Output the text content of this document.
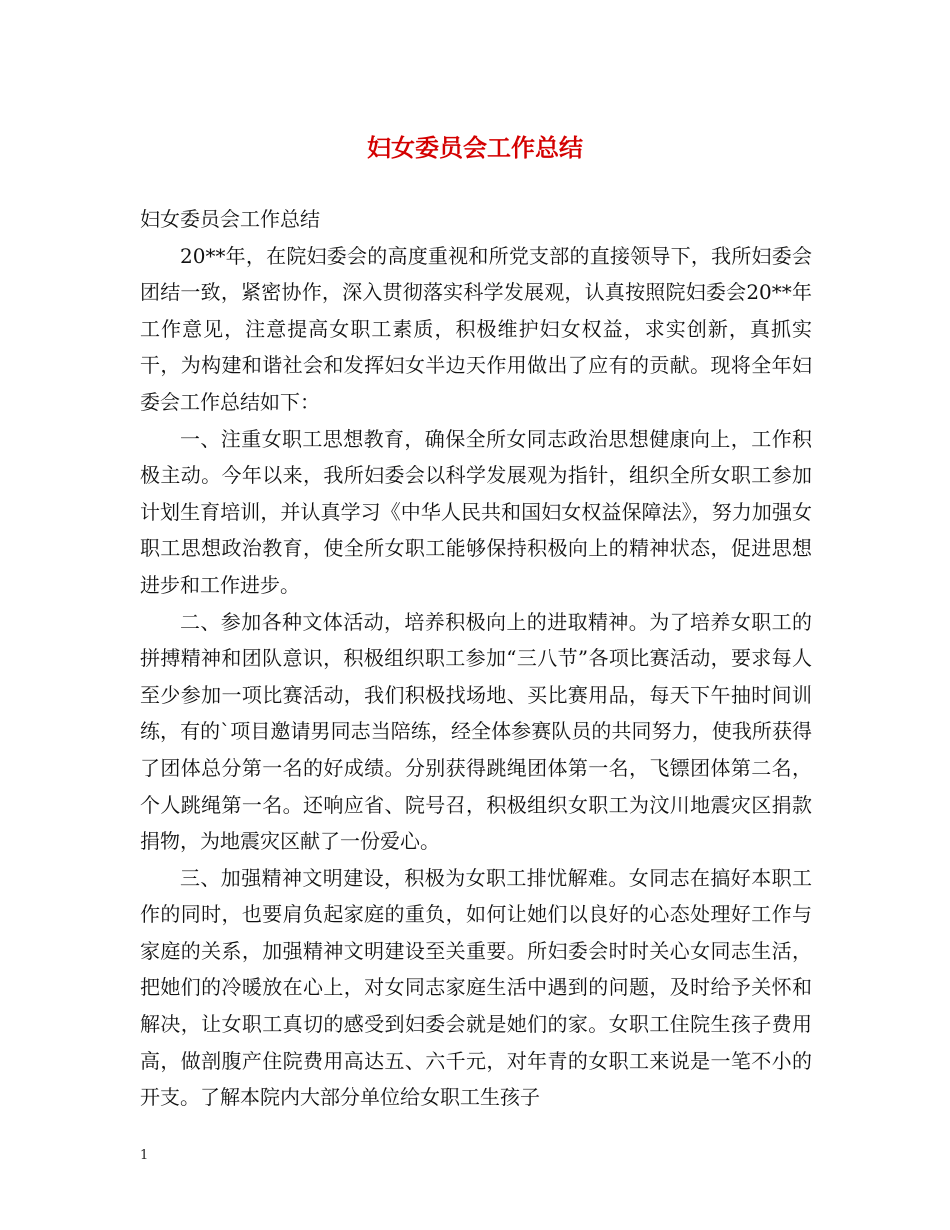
妇女委员会工作总结

妇女委员会工作总结

20**年，在院妇委会的高度重视和所党支部的直接领导下，我所妇委会团结一致，紧密协作，深入贯彻落实科学发展观，认真按照院妇委会20**年工作意见，注意提高女职工素质，积极维护妇女权益，求实创新，真抓实干，为构建和谐社会和发挥妇女半边天作用做出了应有的贡献。现将全年妇委会工作总结如下：

一、注重女职工思想教育，确保全所女同志政治思想健康向上，工作积极主动。今年以来，我所妇委会以科学发展观为指针，组织全所女职工参加计划生育培训，并认真学习《中华人民共和国妇女权益保障法》，努力加强女职工思想政治教育，使全所女职工能够保持积极向上的精神状态，促进思想进步和工作进步。

二、参加各种文体活动，培养积极向上的进取精神。为了培养女职工的拼搏精神和团队意识，积极组织职工参加“三八节”各项比赛活动，要求每人至少参加一项比赛活动，我们积极找场地、买比赛用品，每天下午抽时间训练，有的`项目邀请男同志当陪练，经全体参赛队员的共同努力，使我所获得了团体总分第一名的好成绩。分别获得跳绳团体第一名，飞镖团体第二名，个人跳绳第一名。还响应省、院号召，积极组织女职工为汶川地震灾区捐款捐物，为地震灾区献了一份爱心。

三、加强精神文明建设，积极为女职工排忧解难。女同志在搞好本职工作的同时，也要肩负起家庭的重负，如何让她们以良好的心态处理好工作与家庭的关系，加强精神文明建设至关重要。所妇委会时时关心女同志生活，把她们的冷暖放在心上，对女同志家庭生活中遇到的问题，及时给予关怀和解决，让女职工真切的感受到妇委会就是她们的家。女职工住院生孩子费用高，做剖腹产住院费用高达五、六千元，对年青的女职工来说是一笔不小的开支。了解本院内大部分单位给女职工生孩子

1
